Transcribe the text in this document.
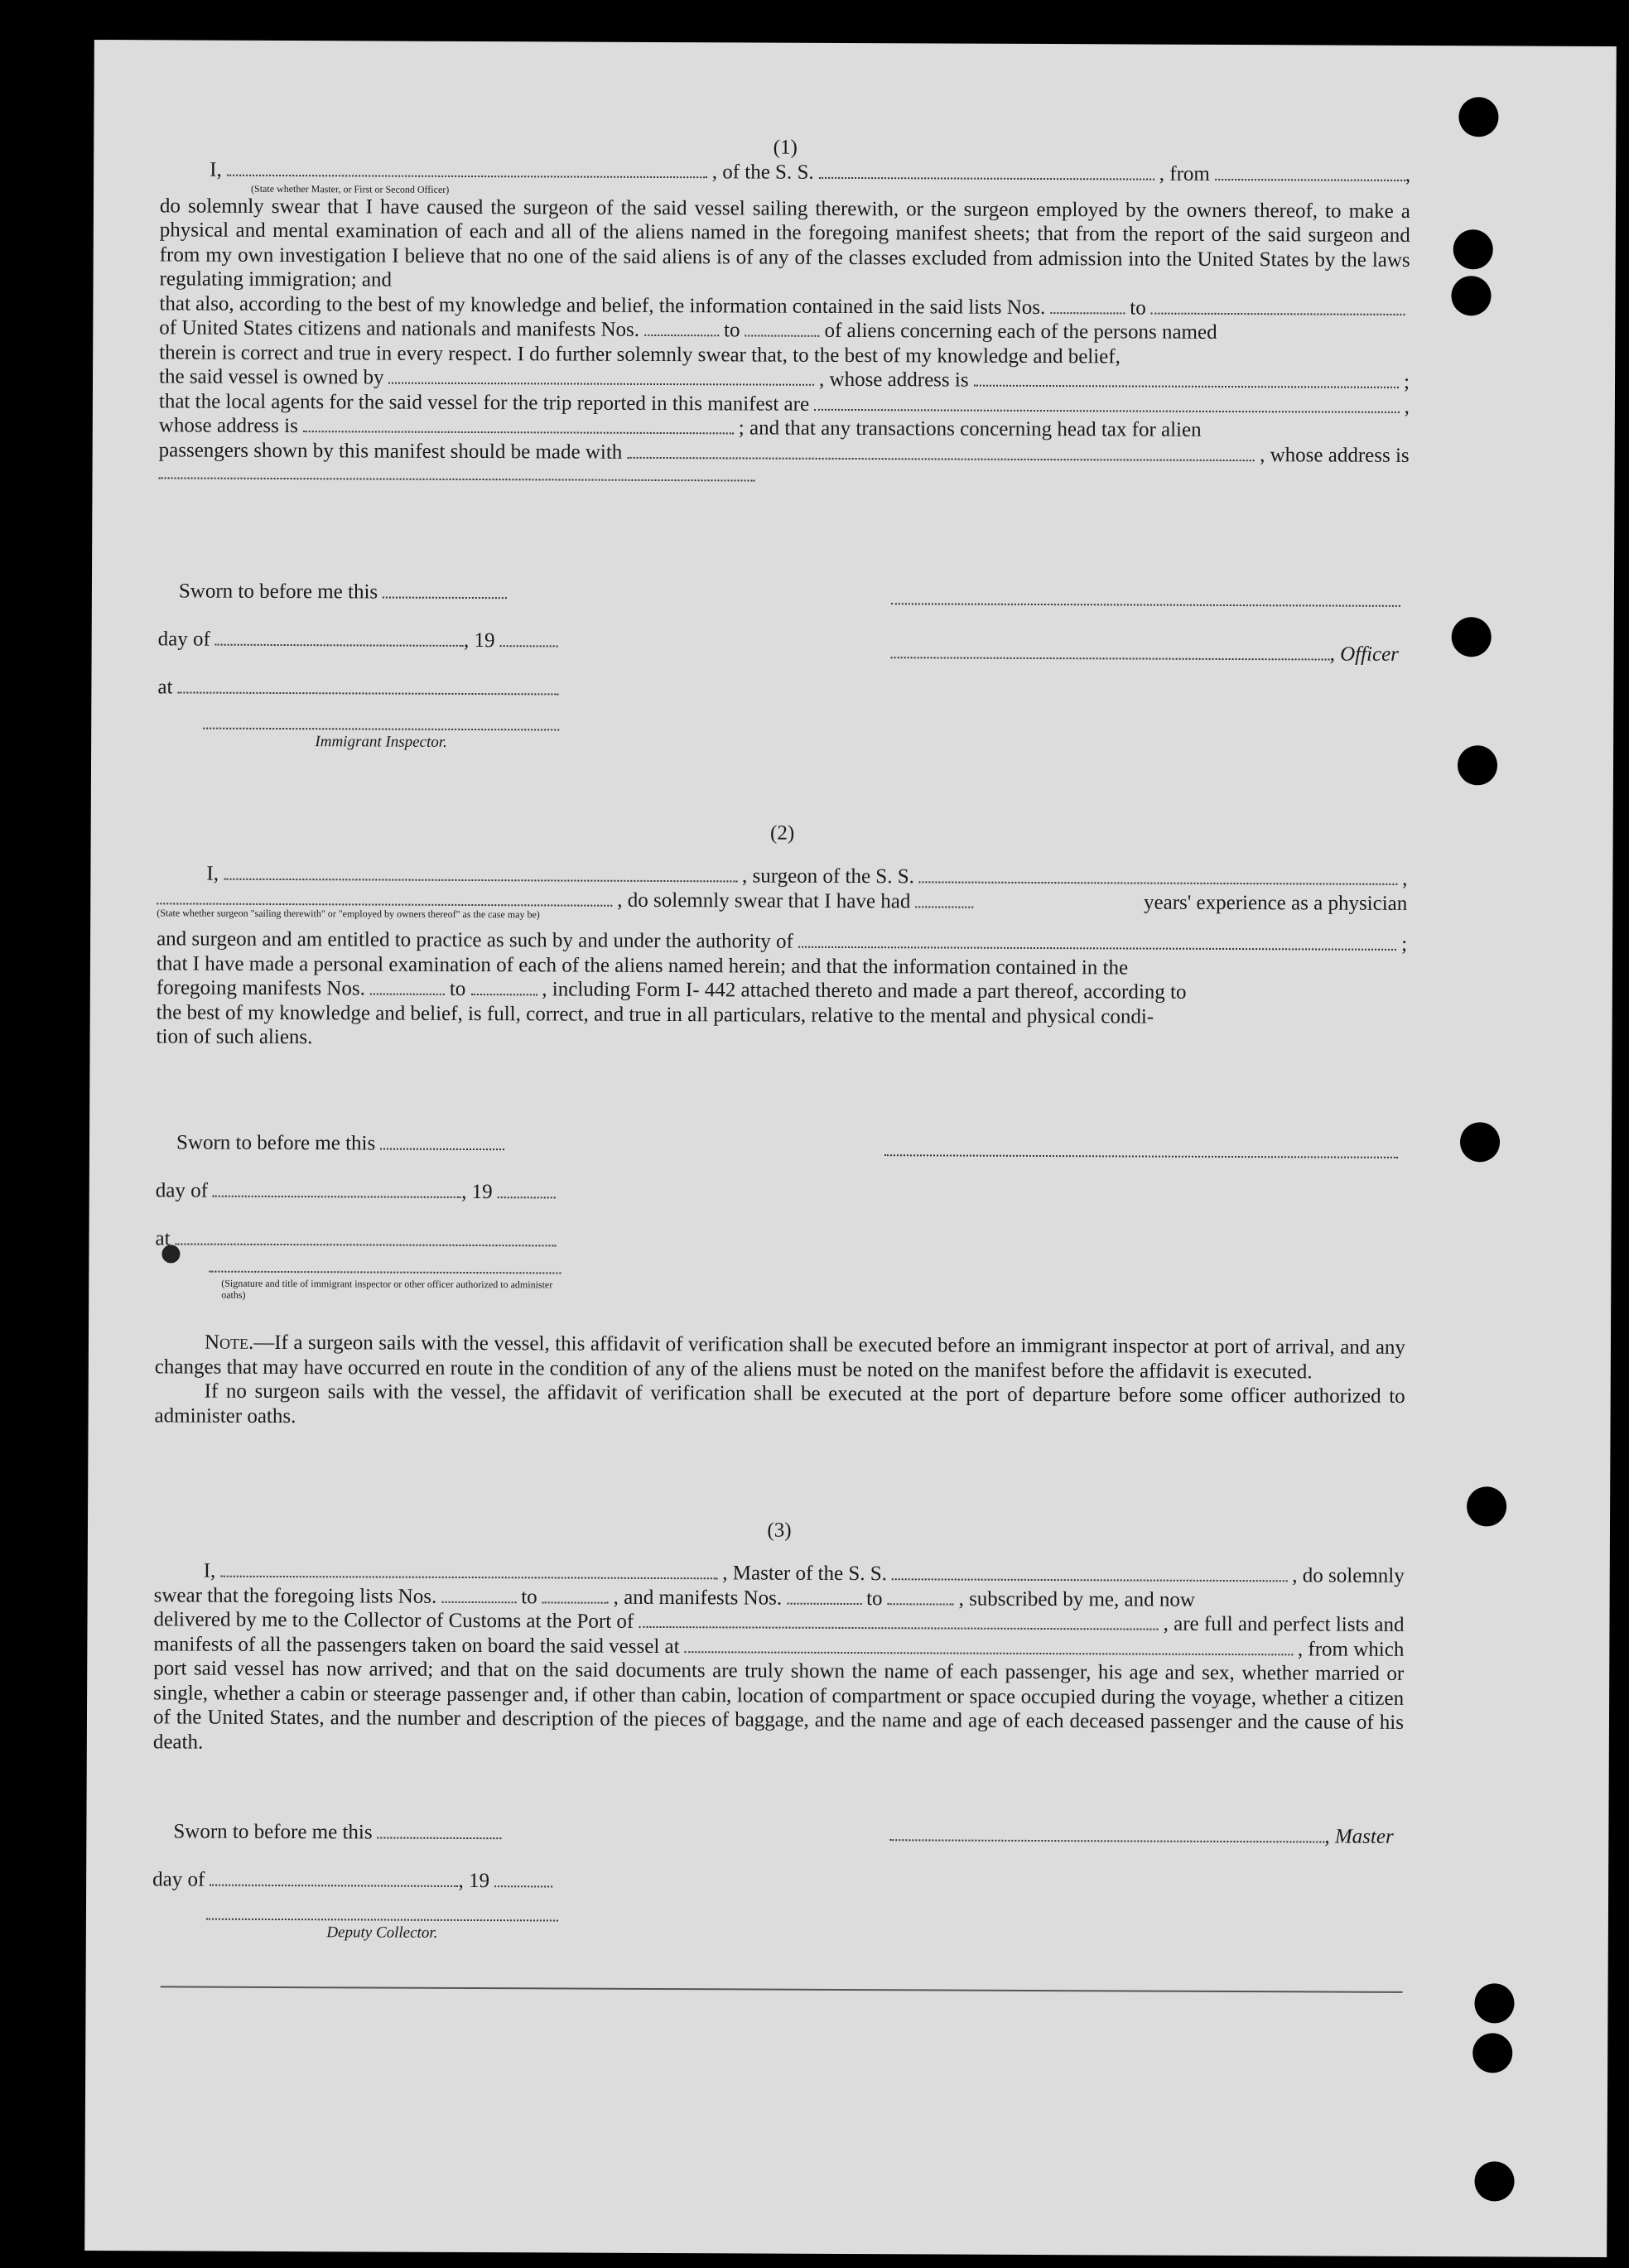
(1)
I,	, of the S. S.	, from	,
(State whether Master, or First or Second Officer)
do solemnly swear that I have caused the surgeon of the said vessel sailing therewith, or the surgeon employed by the owners thereof, to make a physical and mental examination of each and all of the aliens named in the foregoing manifest sheets; that from the report of the said surgeon and from my own investigation I believe that no one of the said aliens is of any of the classes excluded from admission into the United States by the laws regulating immigration; and
that also, according to the best of my knowledge and belief, the information contained in the said lists Nos.	to
of United States citizens and nationals and manifests Nos.	to	of aliens concerning each of the persons named
therein is correct and true in every respect. I do further solemnly swear that, to the best of my knowledge and belief,
the said vessel is owned by	, whose address is	;
that the local agents for the said vessel for the trip reported in this manifest are	,
whose address is	; and that any transactions concerning head tax for alien
passengers shown by this manifest should be made with	, whose address is
Sworn to before me this
day of	, 19
at
Immigrant Inspector.
, Officer
(2)
I,	, surgeon of the S. S.	,
, do solemnly swear that I have had	years' experience as a physician
(State whether surgeon "sailing therewith" or "employed by owners thereof" as the case may be)
and surgeon and am entitled to practice as such by and under the authority of	;
that I have made a personal examination of each of the aliens named herein; and that the information contained in the
foregoing manifests Nos.	to	, including Form I- 442 attached thereto and made a part thereof, according to
the best of my knowledge and belief, is full, correct, and true in all particulars, relative to the mental and physical condi-
tion of such aliens.
Sworn to before me this
day of	, 19
at
(Signature and title of immigrant inspector or other officer authorized to administer oaths)
Note.—If a surgeon sails with the vessel, this affidavit of verification shall be executed before an immigrant inspector at port of arrival, and any changes that may have occurred en route in the condition of any of the aliens must be noted on the manifest before the affidavit is executed.
If no surgeon sails with the vessel, the affidavit of verification shall be executed at the port of departure before some officer authorized to administer oaths.
(3)
I,	, Master of the S. S.	, do solemnly
swear that the foregoing lists Nos.	to	, and manifests Nos.	to	, subscribed by me, and now
delivered by me to the Collector of Customs at the Port of	, are full and perfect lists and
manifests of all the passengers taken on board the said vessel at	, from which
port said vessel has now arrived; and that on the said documents are truly shown the name of each passenger, his age and sex, whether married or single, whether a cabin or steerage passenger and, if other than cabin, location of compartment or space occupied during the voyage, whether a citizen of the United States, and the number and description of the pieces of baggage, and the name and age of each deceased passenger and the cause of his death.
Sworn to before me this
day of	, 19
, Master
Deputy Collector.
